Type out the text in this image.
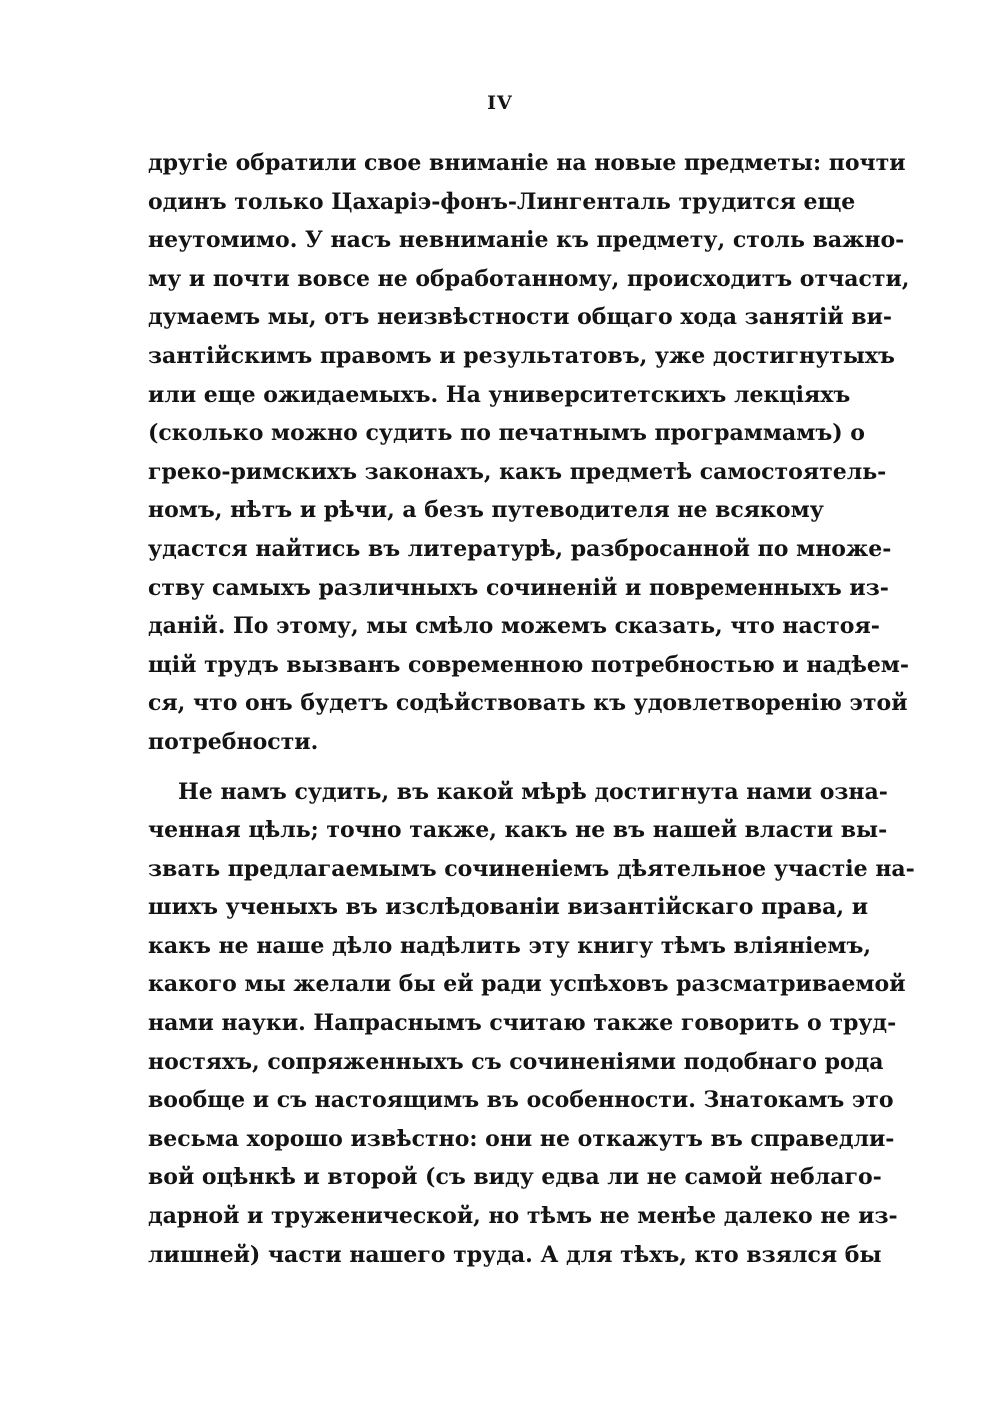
IV
другіе обратили свое вниманіе на новые предметы: почти
одинъ только Цахаріэ-фонъ-Лингенталь трудится еще
неутомимо. У насъ невниманіе къ предмету, столь важно-
му и почти вовсе не обработанному, происходитъ отчасти,
думаемъ мы, отъ неизвѣстности общаго хода занятій ви-
зантійскимъ правомъ и результатовъ, уже достигнутыхъ
или еще ожидаемыхъ. На университетскихъ лекціяхъ
(сколько можно судить по печатнымъ программамъ) о
греко-римскихъ законахъ, какъ предметѣ самостоятель-
номъ, нѣтъ и рѣчи, а безъ путеводителя не всякому
удастся найтись въ литературѣ, разбросанной по множе-
ству самыхъ различныхъ сочиненій и повременныхъ из-
даній. По этому, мы смѣло можемъ сказать, что настоя-
щій трудъ вызванъ современною потребностью и надѣем-
ся, что онъ будетъ содѣйствовать къ удовлетворенію этой
потребности.
Не намъ судить, въ какой мѣрѣ достигнута нами озна-
ченная цѣль; точно также, какъ не въ нашей власти вы-
звать предлагаемымъ сочиненіемъ дѣятельное участіе на-
шихъ ученыхъ въ изслѣдованіи византійскаго права, и
какъ не наше дѣло надѣлить эту книгу тѣмъ вліяніемъ,
какого мы желали бы ей ради успѣховъ разсматриваемой
нами науки. Напраснымъ считаю также говорить о труд-
ностяхъ, сопряженныхъ съ сочиненіями подобнаго рода
вообще и съ настоящимъ въ особенности. Знатокамъ это
весьма хорошо извѣстно: они не откажутъ въ справедли-
вой оцѣнкѣ и второй (съ виду едва ли не самой неблаго-
дарной и труженической, но тѣмъ не менѣе далеко не из-
лишней) части нашего труда. А для тѣхъ, кто взялся бы
